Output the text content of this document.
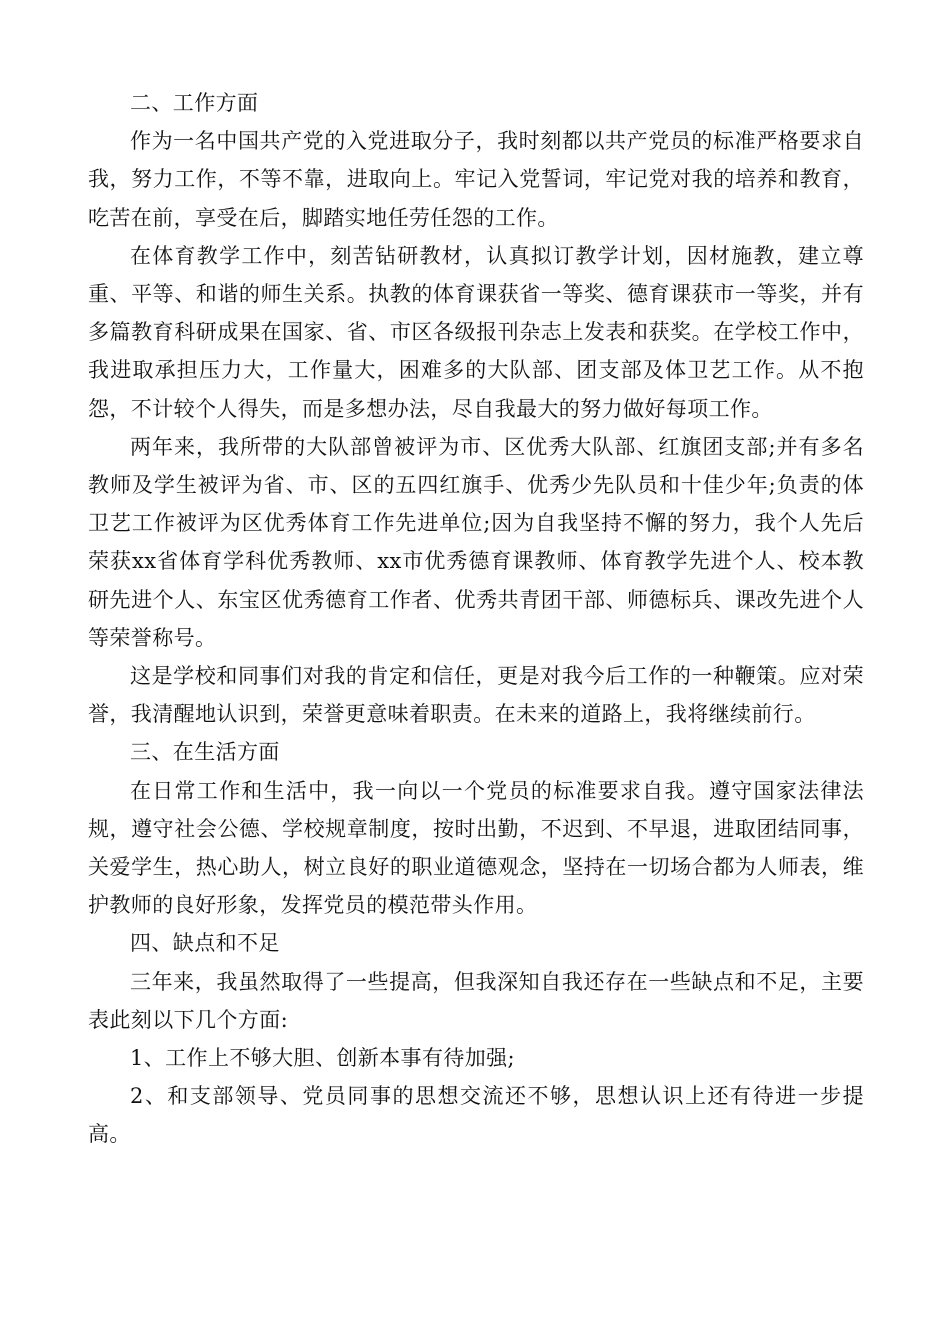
二、工作方面

作为一名中国共产党的入党进取分子，我时刻都以共产党员的标准严格要求自我，努力工作，不等不靠，进取向上。牢记入党誓词，牢记党对我的培养和教育，吃苦在前，享受在后，脚踏实地任劳任怨的工作。

在体育教学工作中，刻苦钻研教材，认真拟订教学计划，因材施教，建立尊重、平等、和谐的师生关系。执教的体育课获省一等奖、德育课获市一等奖，并有多篇教育科研成果在国家、省、市区各级报刊杂志上发表和获奖。在学校工作中，我进取承担压力大，工作量大，困难多的大队部、团支部及体卫艺工作。从不抱怨，不计较个人得失，而是多想办法，尽自我最大的努力做好每项工作。

两年来，我所带的大队部曾被评为市、区优秀大队部、红旗团支部;并有多名教师及学生被评为省、市、区的五四红旗手、优秀少先队员和十佳少年;负责的体卫艺工作被评为区优秀体育工作先进单位;因为自我坚持不懈的努力，我个人先后荣获xx省体育学科优秀教师、xx市优秀德育课教师、体育教学先进个人、校本教研先进个人、东宝区优秀德育工作者、优秀共青团干部、师德标兵、课改先进个人等荣誉称号。

这是学校和同事们对我的肯定和信任，更是对我今后工作的一种鞭策。应对荣誉，我清醒地认识到，荣誉更意味着职责。在未来的道路上，我将继续前行。

三、在生活方面

在日常工作和生活中，我一向以一个党员的标准要求自我。遵守国家法律法规，遵守社会公德、学校规章制度，按时出勤，不迟到、不早退，进取团结同事，关爱学生，热心助人，树立良好的职业道德观念，坚持在一切场合都为人师表，维护教师的良好形象，发挥党员的模范带头作用。

四、缺点和不足

三年来，我虽然取得了一些提高，但我深知自我还存在一些缺点和不足，主要表此刻以下几个方面:

1、工作上不够大胆、创新本事有待加强;

2、和支部领导、党员同事的思想交流还不够，思想认识上还有待进一步提高。
